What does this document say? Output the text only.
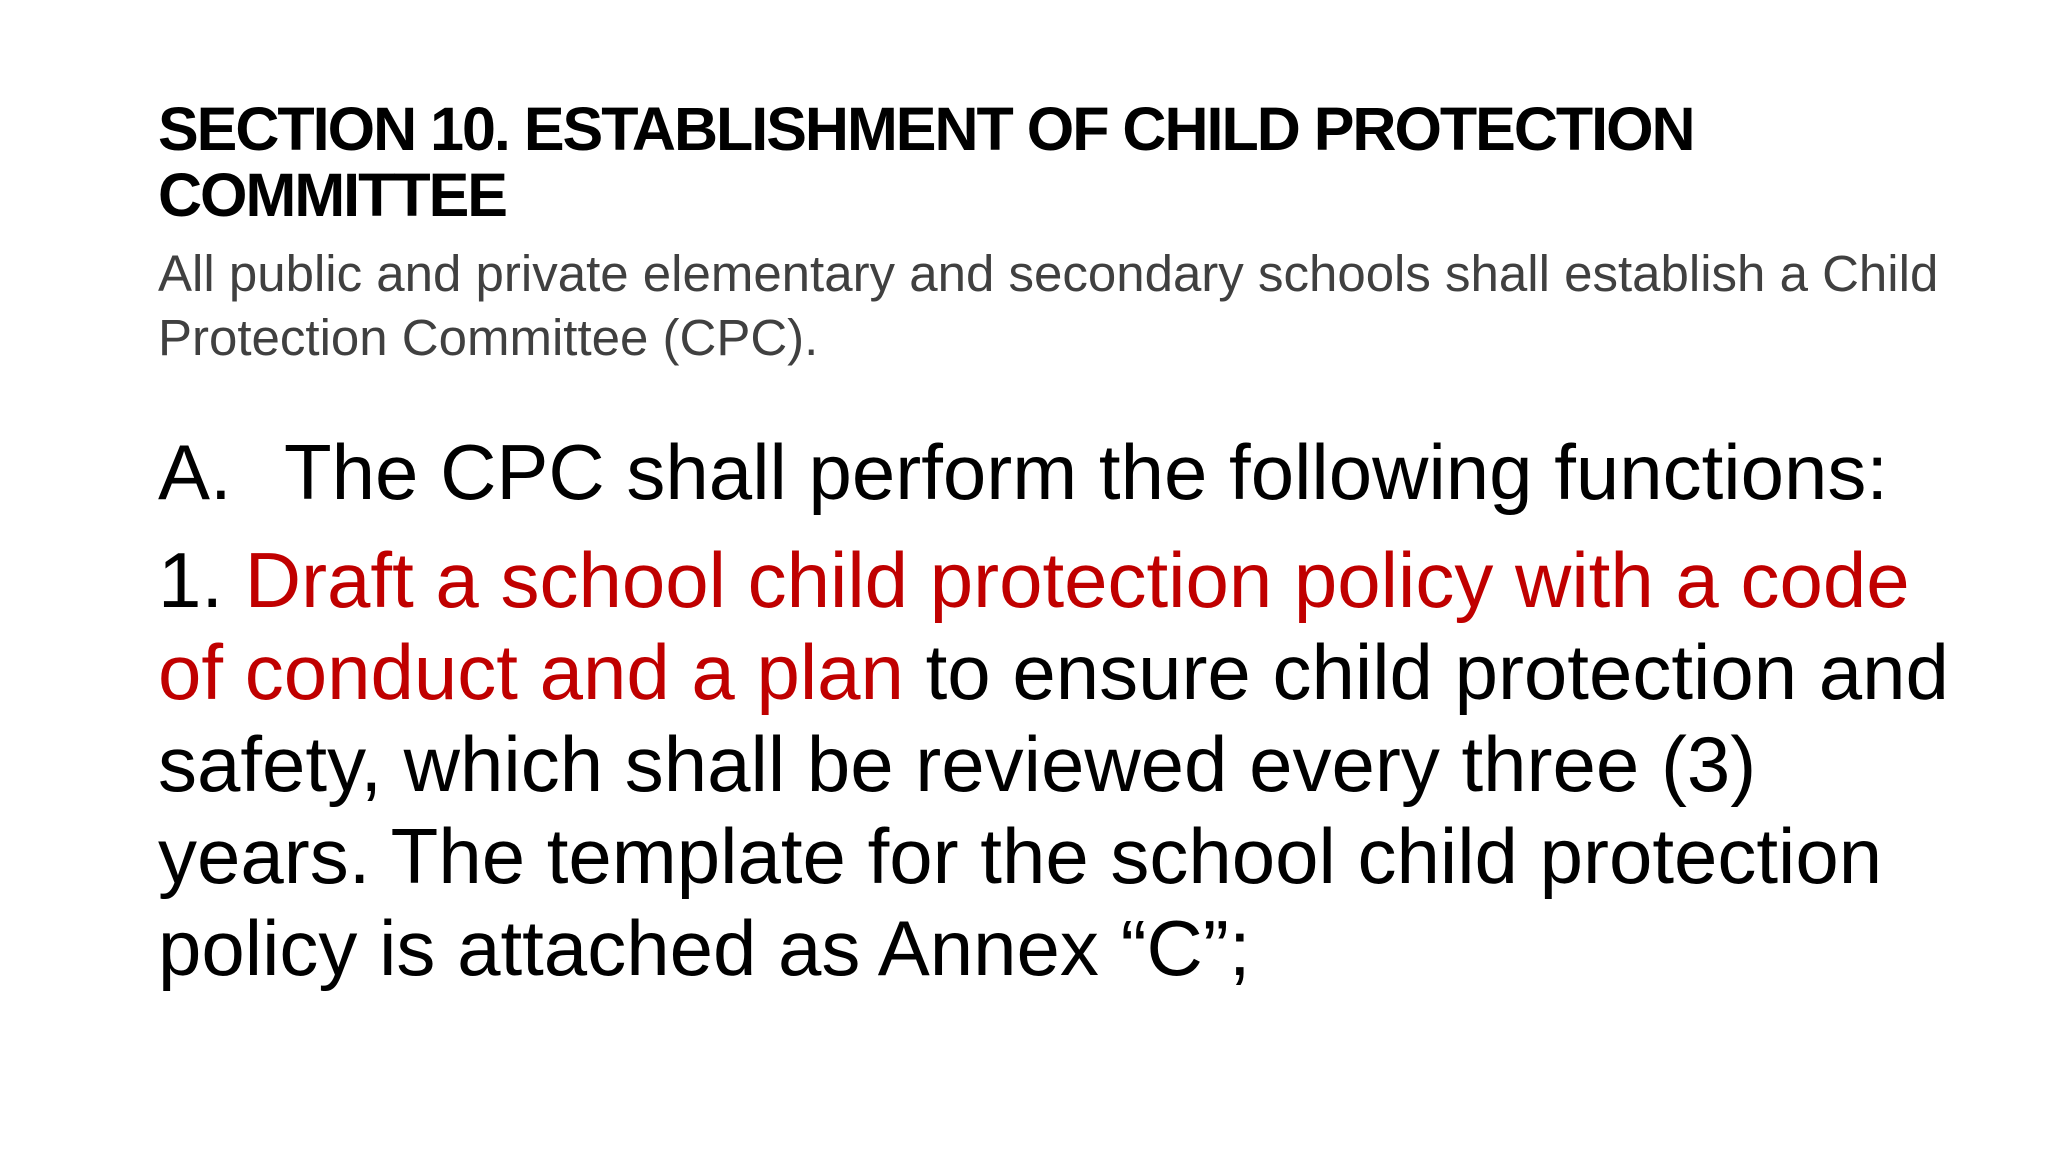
SECTION 10. ESTABLISHMENT OF CHILD PROTECTION COMMITTEE

All public and private elementary and secondary schools shall establish a Child Protection Committee (CPC).

A. The CPC shall perform the following functions:

1. Draft a school child protection policy with a code of conduct and a plan to ensure child protection and safety, which shall be reviewed every three (3) years. The template for the school child protection policy is attached as Annex “C”;
